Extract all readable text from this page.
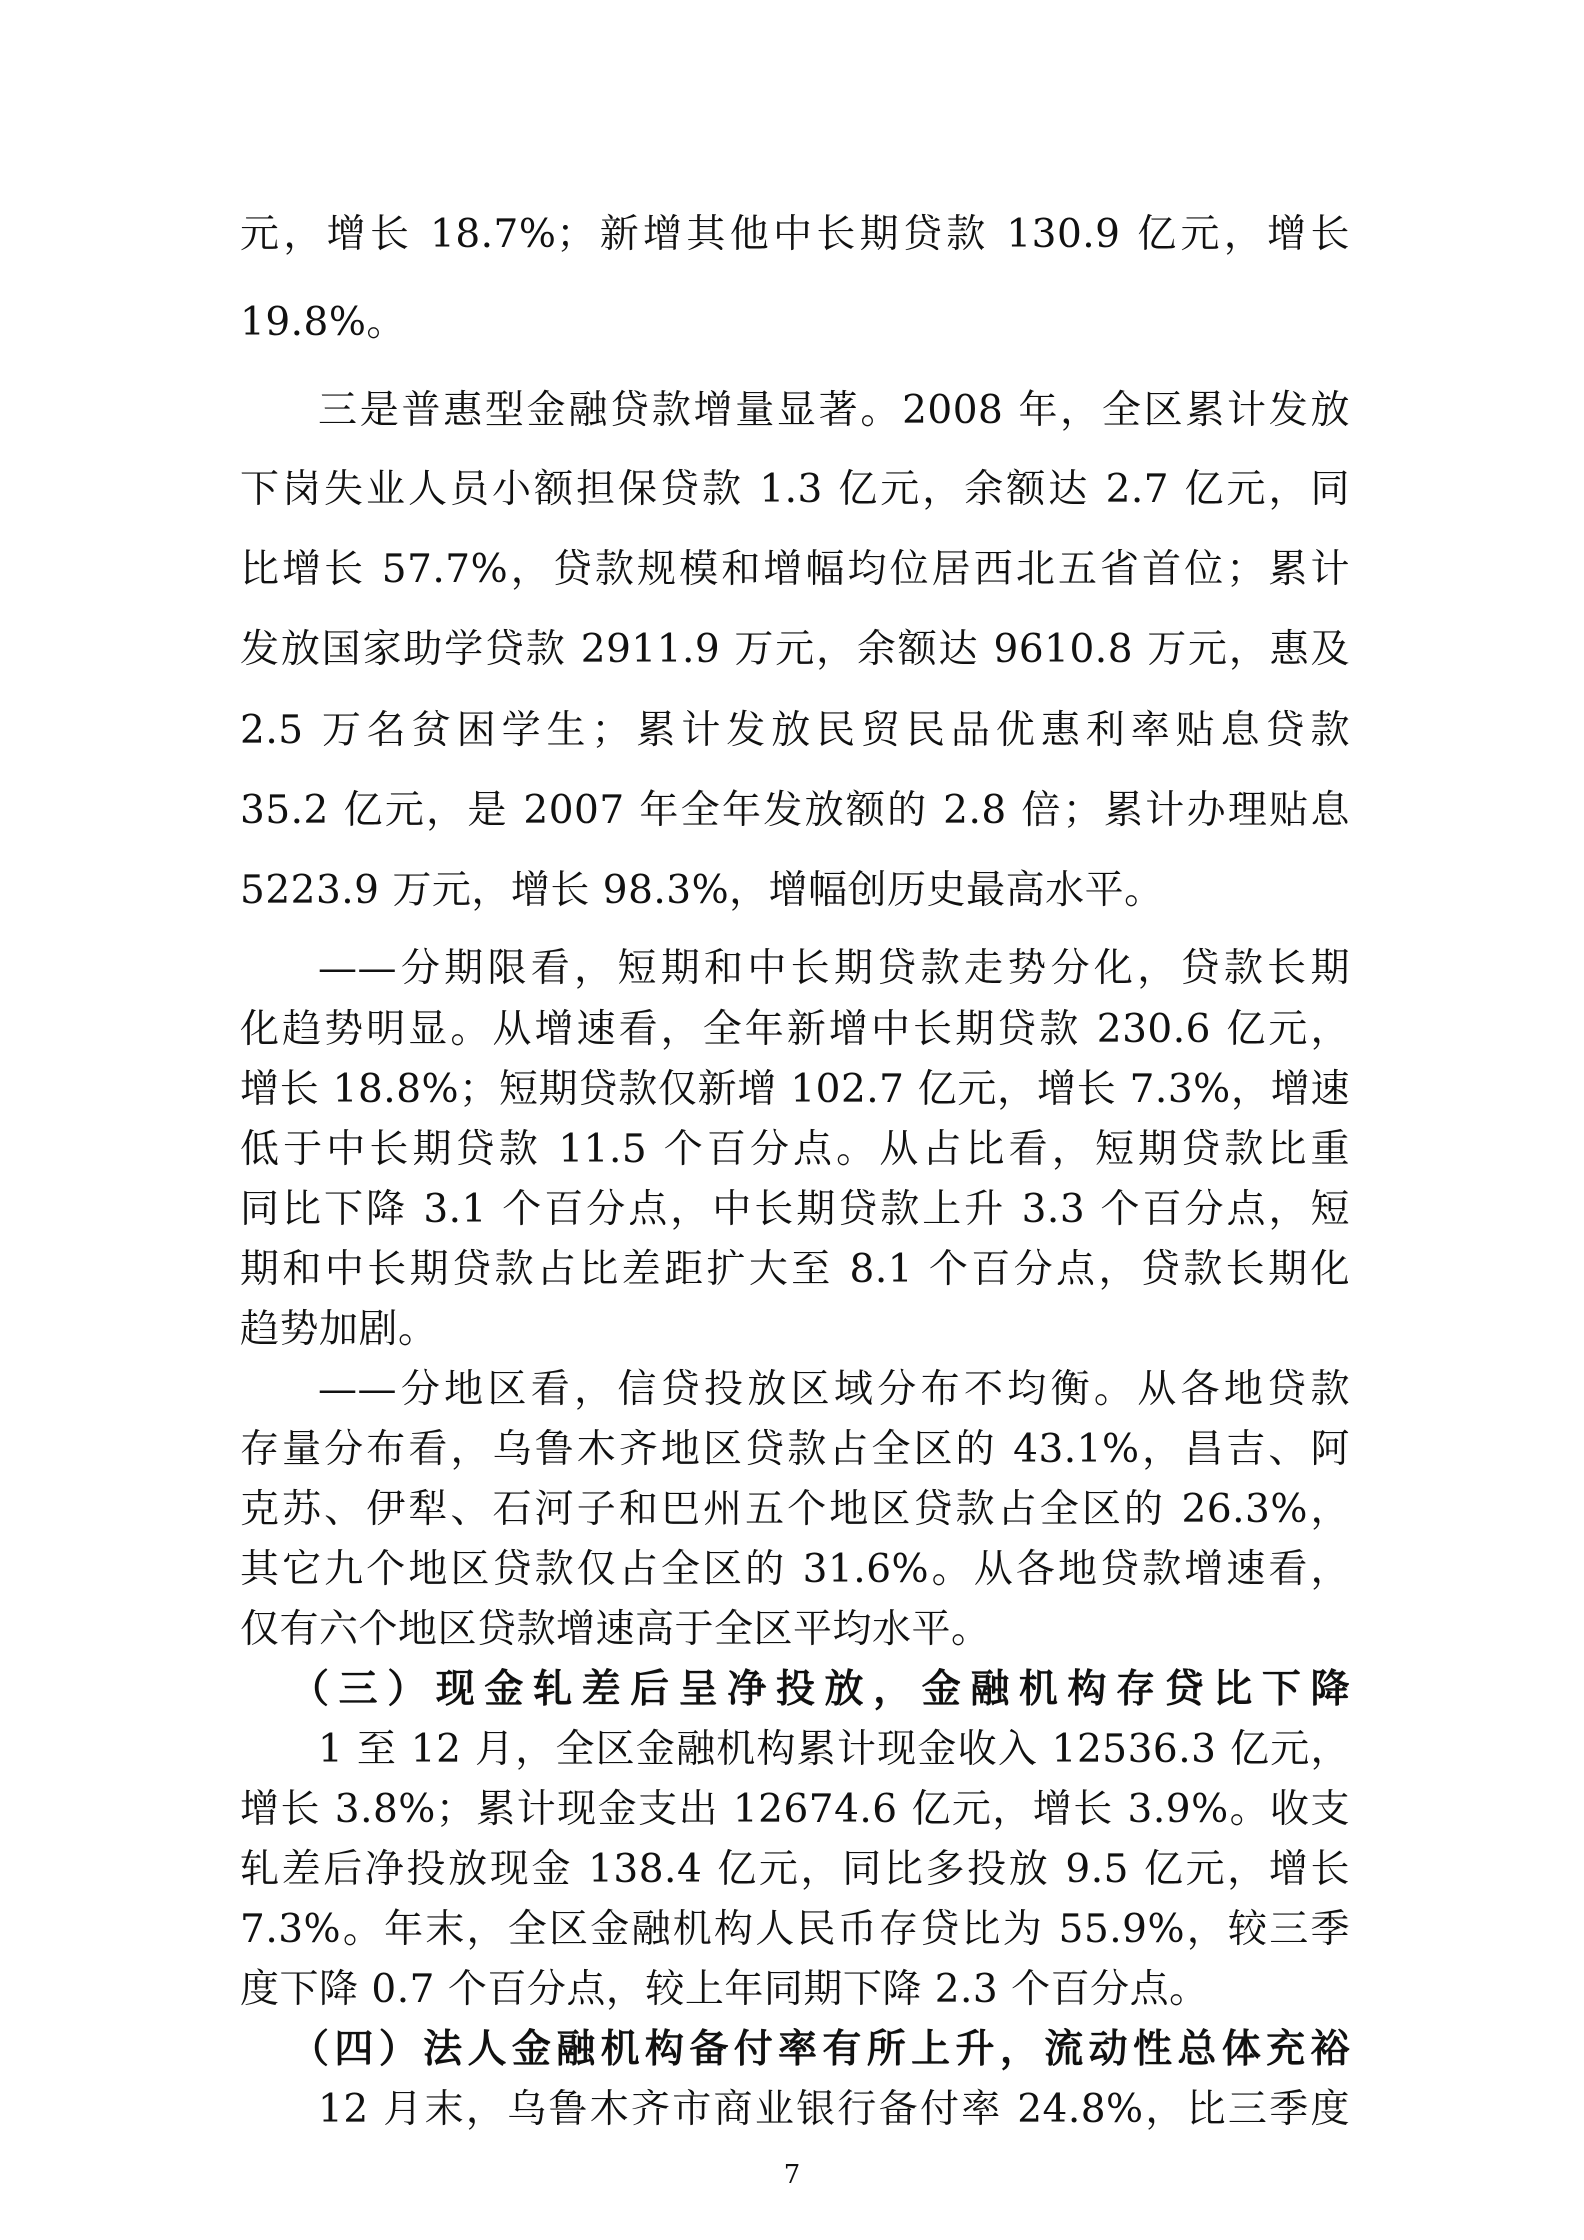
元，增长 18.7%；新增其他中长期贷款 130.9 亿元，增长
19.8%。
三是普惠型金融贷款增量显著。2008 年，全区累计发放
下岗失业人员小额担保贷款 1.3 亿元，余额达 2.7 亿元，同
比增长 57.7%，贷款规模和增幅均位居西北五省首位；累计
发放国家助学贷款 2911.9 万元，余额达 9610.8 万元，惠及
2.5 万名贫困学生；累计发放民贸民品优惠利率贴息贷款
35.2 亿元，是 2007 年全年发放额的 2.8 倍；累计办理贴息
5223.9 万元，增长 98.3%，增幅创历史最高水平。
——分期限看，短期和中长期贷款走势分化，贷款长期
化趋势明显。从增速看，全年新增中长期贷款 230.6 亿元，
增长 18.8%；短期贷款仅新增 102.7 亿元，增长 7.3%，增速
低于中长期贷款 11.5 个百分点。从占比看，短期贷款比重
同比下降 3.1 个百分点，中长期贷款上升 3.3 个百分点，短
期和中长期贷款占比差距扩大至 8.1 个百分点，贷款长期化
趋势加剧。
——分地区看，信贷投放区域分布不均衡。从各地贷款
存量分布看，乌鲁木齐地区贷款占全区的 43.1%，昌吉、阿
克苏、伊犁、石河子和巴州五个地区贷款占全区的 26.3%，
其它九个地区贷款仅占全区的 31.6%。从各地贷款增速看，
仅有六个地区贷款增速高于全区平均水平。
（三）现金轧差后呈净投放，金融机构存贷比下降
1 至 12 月，全区金融机构累计现金收入 12536.3 亿元，
增长 3.8%；累计现金支出 12674.6 亿元，增长 3.9%。收支
轧差后净投放现金 138.4 亿元，同比多投放 9.5 亿元，增长
7.3%。年末，全区金融机构人民币存贷比为 55.9%，较三季
度下降 0.7 个百分点，较上年同期下降 2.3 个百分点。
（四）法人金融机构备付率有所上升，流动性总体充裕
12 月末，乌鲁木齐市商业银行备付率 24.8%，比三季度
7
